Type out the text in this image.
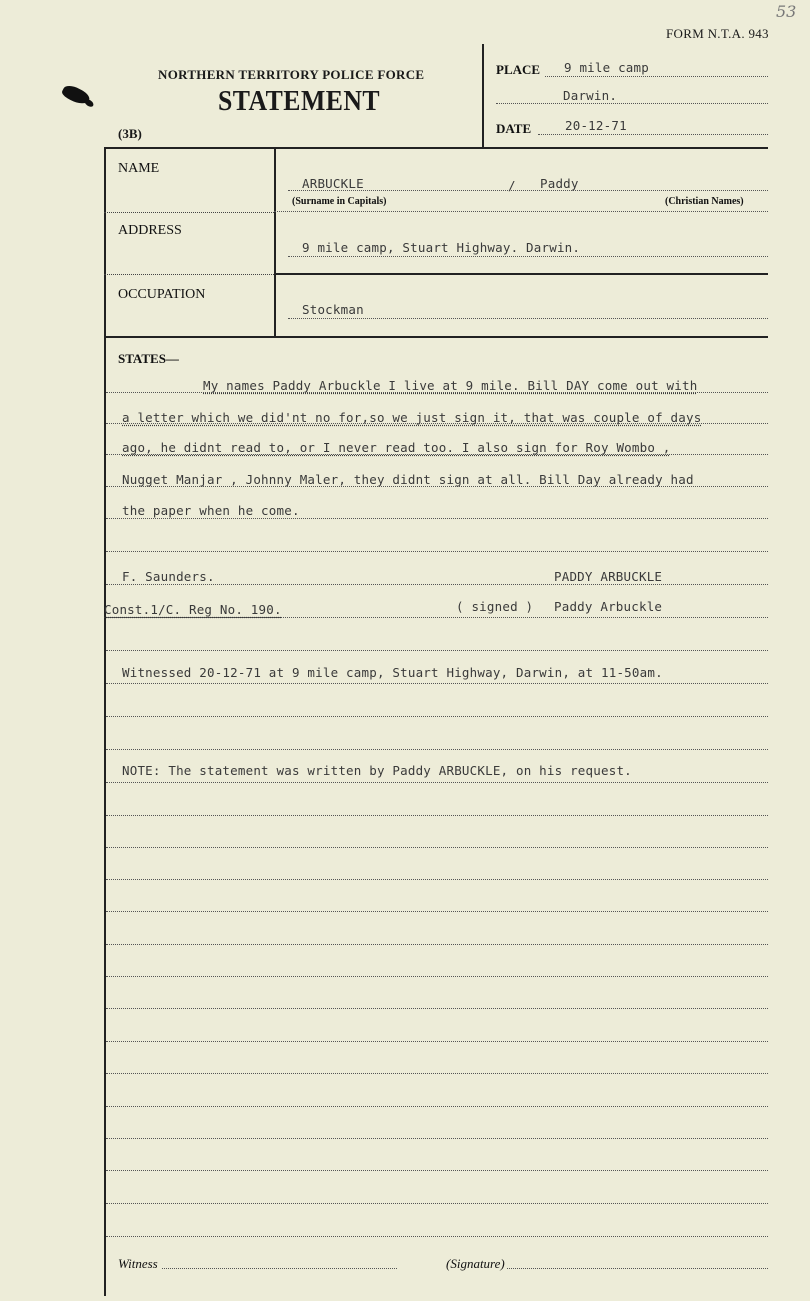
53
FORM N.T.A. 943
NORTHERN TERRITORY POLICE FORCE
STATEMENT
(3B)
PLACE 9 mile camp
Darwin.
DATE	20-12-71
NAME
ARBUCKLE	/ Paddy
(Surname in Capitals)	(Christian Names)
ADDRESS
9 mile camp, Stuart Highway. Darwin.
OCCUPATION
Stockman
STATES—
My names Paddy Arbuckle I live at 9 mile. Bill DAY come out with
a letter which we did'nt no for,so we just sign it, that was couple of days
ago, he didnt read to, or I never read too. I also sign for Roy Wombo ,
Nugget Manjar , Johnny Maler, they didnt sign at all. Bill Day already had
the paper when he come.
F. Saunders.	PADDY ARBUCKLE
Const.1/C. Reg No. 190.	( signed ) Paddy Arbuckle
Witnessed 20-12-71 at 9 mile camp, Stuart Highway, Darwin, at 11-50am.
NOTE: The statement was written by Paddy ARBUCKLE, on his request.
Witness	(Signature)
